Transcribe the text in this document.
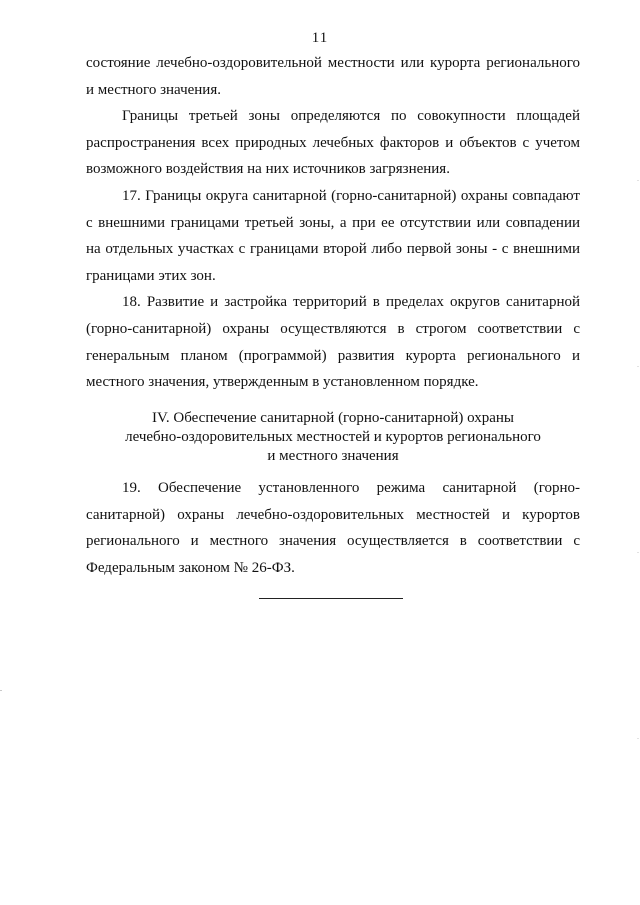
11

состояние лечебно-оздоровительной местности или курорта регионального

и местного значения.

Границы третьей зоны определяются по совокупности площадей распространения всех природных лечебных факторов и объектов с учетом возможного воздействия на них источников загрязнения.

17. Границы округа санитарной (горно-санитарной) охраны совпадают с внешними границами третьей зоны, а при ее отсутствии или совпадении на отдельных участках с границами второй либо первой зоны - с внешними границами этих зон.

18. Развитие и застройка территорий в пределах округов санитарной (горно-санитарной) охраны осуществляются в строгом соответствии с генеральным планом (программой) развития курорта регионального и местного значения, утвержденным в установленном порядке.

IV. Обеспечение санитарной (горно-санитарной) охраны
лечебно-оздоровительных местностей и курортов регионального
и местного значения

19. Обеспечение установленного режима санитарной (горно-санитарной) охраны лечебно-оздоровительных местностей и курортов регионального и местного значения осуществляется в соответствии с Федеральным законом № 26-ФЗ.
